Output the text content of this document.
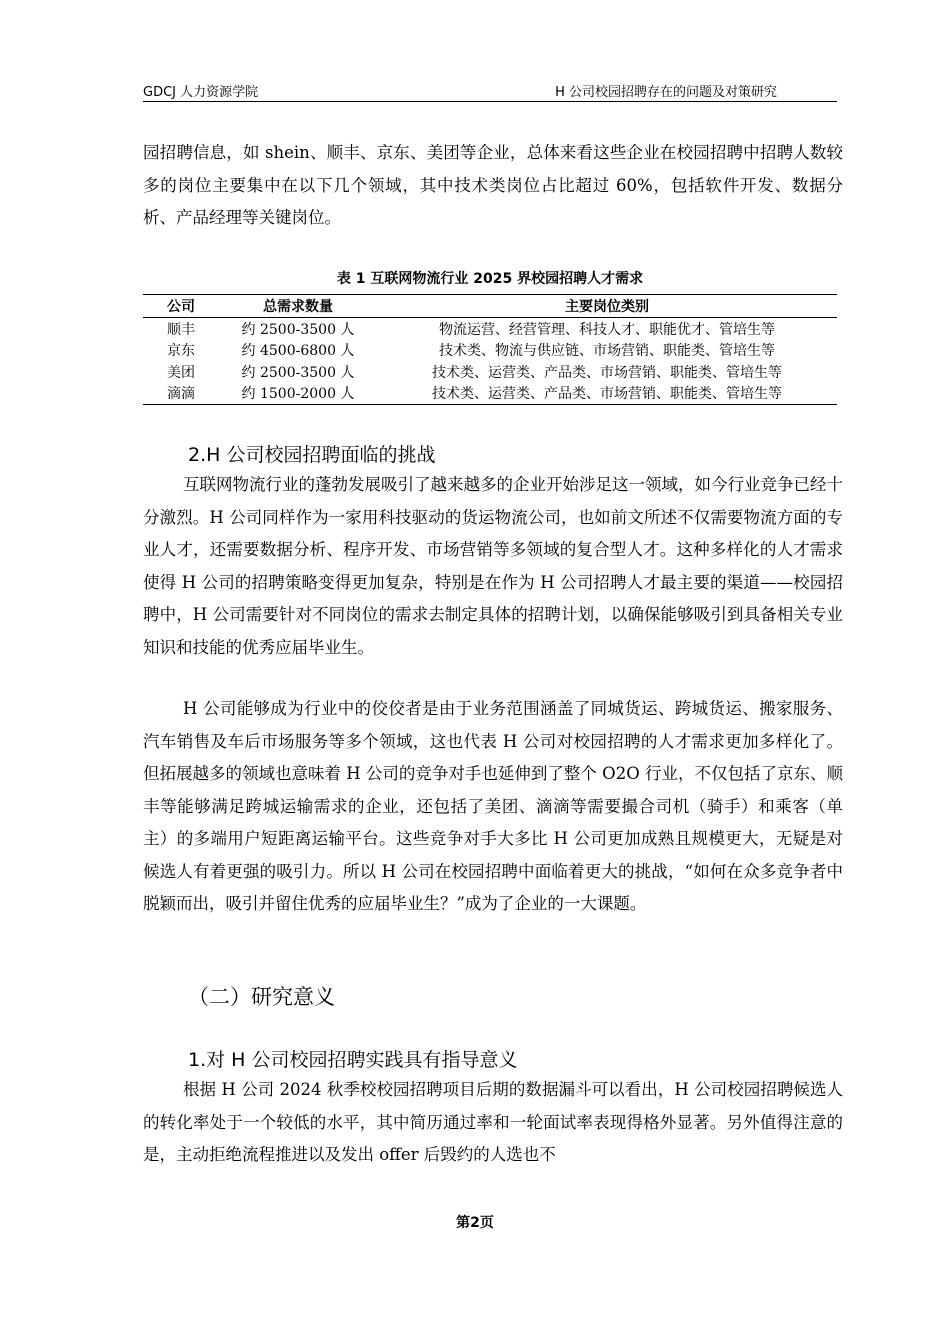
GDCJ 人力资源学院	H 公司校园招聘存在的问题及对策研究

园招聘信息，如 shein、顺丰、京东、美团等企业，总体来看这些企业在校园招聘中招聘人数较多的岗位主要集中在以下几个领域，其中技术类岗位占比超过 60%，包括软件开发、数据分析、产品经理等关键岗位。

表 1 互联网物流行业 2025 界校园招聘人才需求
公司	总需求数量	主要岗位类别
顺丰	约 2500-3500 人	物流运营、经营管理、科技人才、职能优才、管培生等
京东	约 4500-6800 人	技术类、物流与供应链、市场营销、职能类、管培生等
美团	约 2500-3500 人	技术类、运营类、产品类、市场营销、职能类、管培生等
滴滴	约 1500-2000 人	技术类、运营类、产品类、市场营销、职能类、管培生等
2.H 公司校园招聘面临的挑战

互联网物流行业的蓬勃发展吸引了越来越多的企业开始涉足这一领域，如今行业竞争已经十分激烈。H 公司同样作为一家用科技驱动的货运物流公司，也如前文所述不仅需要物流方面的专业人才，还需要数据分析、程序开发、市场营销等多领域的复合型人才。这种多样化的人才需求使得 H 公司的招聘策略变得更加复杂，特别是在作为 H 公司招聘人才最主要的渠道——校园招聘中，H 公司需要针对不同岗位的需求去制定具体的招聘计划，以确保能够吸引到具备相关专业知识和技能的优秀应届毕业生。

H 公司能够成为行业中的佼佼者是由于业务范围涵盖了同城货运、跨城货运、搬家服务、汽车销售及车后市场服务等多个领域，这也代表 H 公司对校园招聘的人才需求更加多样化了。但拓展越多的领域也意味着 H 公司的竞争对手也延伸到了整个 O2O 行业，不仅包括了京东、顺丰等能够满足跨城运输需求的企业，还包括了美团、滴滴等需要撮合司机（骑手）和乘客（单主）的多端用户短距离运输平台。这些竞争对手大多比 H 公司更加成熟且规模更大，无疑是对候选人有着更强的吸引力。所以 H 公司在校园招聘中面临着更大的挑战，“如何在众多竞争者中脱颖而出，吸引并留住优秀的应届毕业生？”成为了企业的一大课题。

（二）研究意义
1.对 H 公司校园招聘实践具有指导意义

根据 H 公司 2024 秋季校校园招聘项目后期的数据漏斗可以看出，H 公司校园招聘候选人的转化率处于一个较低的水平，其中简历通过率和一轮面试率表现得格外显著。另外值得注意的是，主动拒绝流程推进以及发出 offer 后毁约的人选也不

第2页
